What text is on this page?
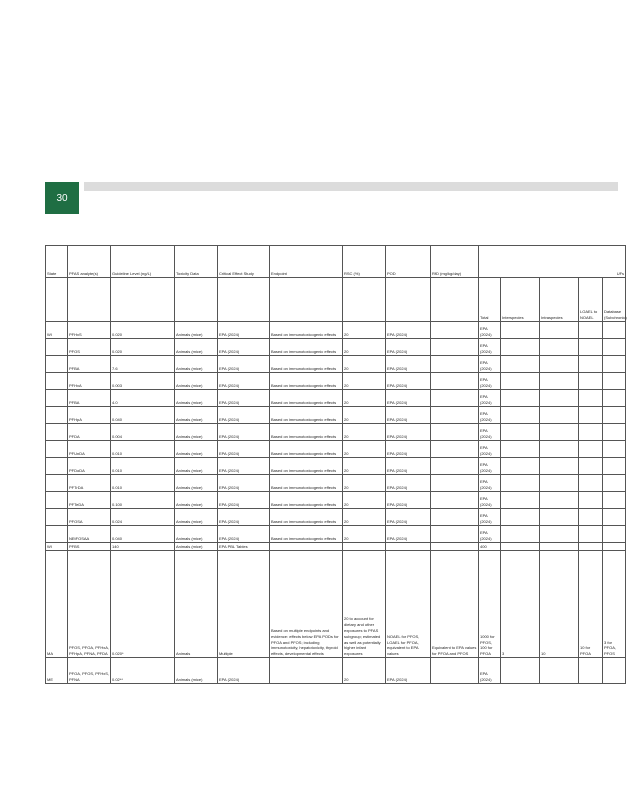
30
State	PFAS analyte(s)	Guideline Level (ng/L)	Toxicity Data	Critical Effect Study	Endpoint	RSC (%)	POD	RfD (mg/kg/day)	UFs				
									Total	Interspecies	Intraspecies	LOAEL to NOAEL	Database (Subchronic)
WI	PFHxS	0.020	Animals (mice)	EPA (2024)	Based on immunotoxicogenic effects	20	EPA (2024)		EPA (2024)				
	PFOS	0.020	Animals (mice)	EPA (2024)	Based on immunotoxicogenic effects	20	EPA (2024)		EPA (2024)				
	PFBA	7.6	Animals (mice)	EPA (2024)	Based on immunotoxicogenic effects	20	EPA (2024)		EPA (2024)				
	PFHxA	0.003	Animals (mice)	EPA (2024)	Based on immunotoxicogenic effects	20	EPA (2024)		EPA (2024)				
	PFBA	4.0	Animals (mice)	EPA (2024)	Based on immunotoxicogenic effects	20	EPA (2024)		EPA (2024)				
	PFHpA	0.040	Animals (mice)	EPA (2024)	Based on immunotoxicogenic effects	20	EPA (2024)		EPA (2024)				
	PFDA	0.004	Animals (mice)	EPA (2024)	Based on immunotoxicogenic effects	20	EPA (2024)		EPA (2024)				
	PFUnDA	0.010	Animals (mice)	EPA (2024)	Based on immunotoxicogenic effects	20	EPA (2024)		EPA (2024)				
	PFDoDA	0.010	Animals (mice)	EPA (2024)	Based on immunotoxicogenic effects	20	EPA (2024)		EPA (2024)				
	PFTrDA	0.010	Animals (mice)	EPA (2024)	Based on immunotoxicogenic effects	20	EPA (2024)		EPA (2024)				
	PFTeDA	0.100	Animals (mice)	EPA (2024)	Based on immunotoxicogenic effects	20	EPA (2024)		EPA (2024)				
	PFOSA	0.024	Animals (mice)	EPA (2024)	Based on immunotoxicogenic effects	20	EPA (2024)		EPA (2024)				
	NEtFOSAA	0.040	Animals (mice)	EPA (2024)	Based on immunotoxicogenic effects	20	EPA (2024)		EPA (2024)				
WI	PFBS	140	Animals (mice)	EPA PBL Tables					400				
MA	PFOS, PFOA, PFHxA, PFHpA, PFNA, PFDA	0.020*	Animals	Multiple	Based on multiple endpoints and evidence: effects below EPA PODs for PFOA and PFOS; including immunotoxicity, hepatotoxicity, thyroid effects, developmental effects	20 to account for dietary and other exposures to PFAS subgroup; estimated as well as potentially higher infant exposures	NOAEL for PFOS, LOAEL for PFOA, equivalent to EPA values	Equivalent to EPA values for PFOA and PFOS	1000 for PFOS, 100 for PFOA	3	10	10 for PFOA	3 for PFOA, PFOS
ME	PFOA, PFOS, PFHxS, PFNA	0.02**	Animals (mice)	EPA (2024)		20	EPA (2024)		EPA (2024)				
